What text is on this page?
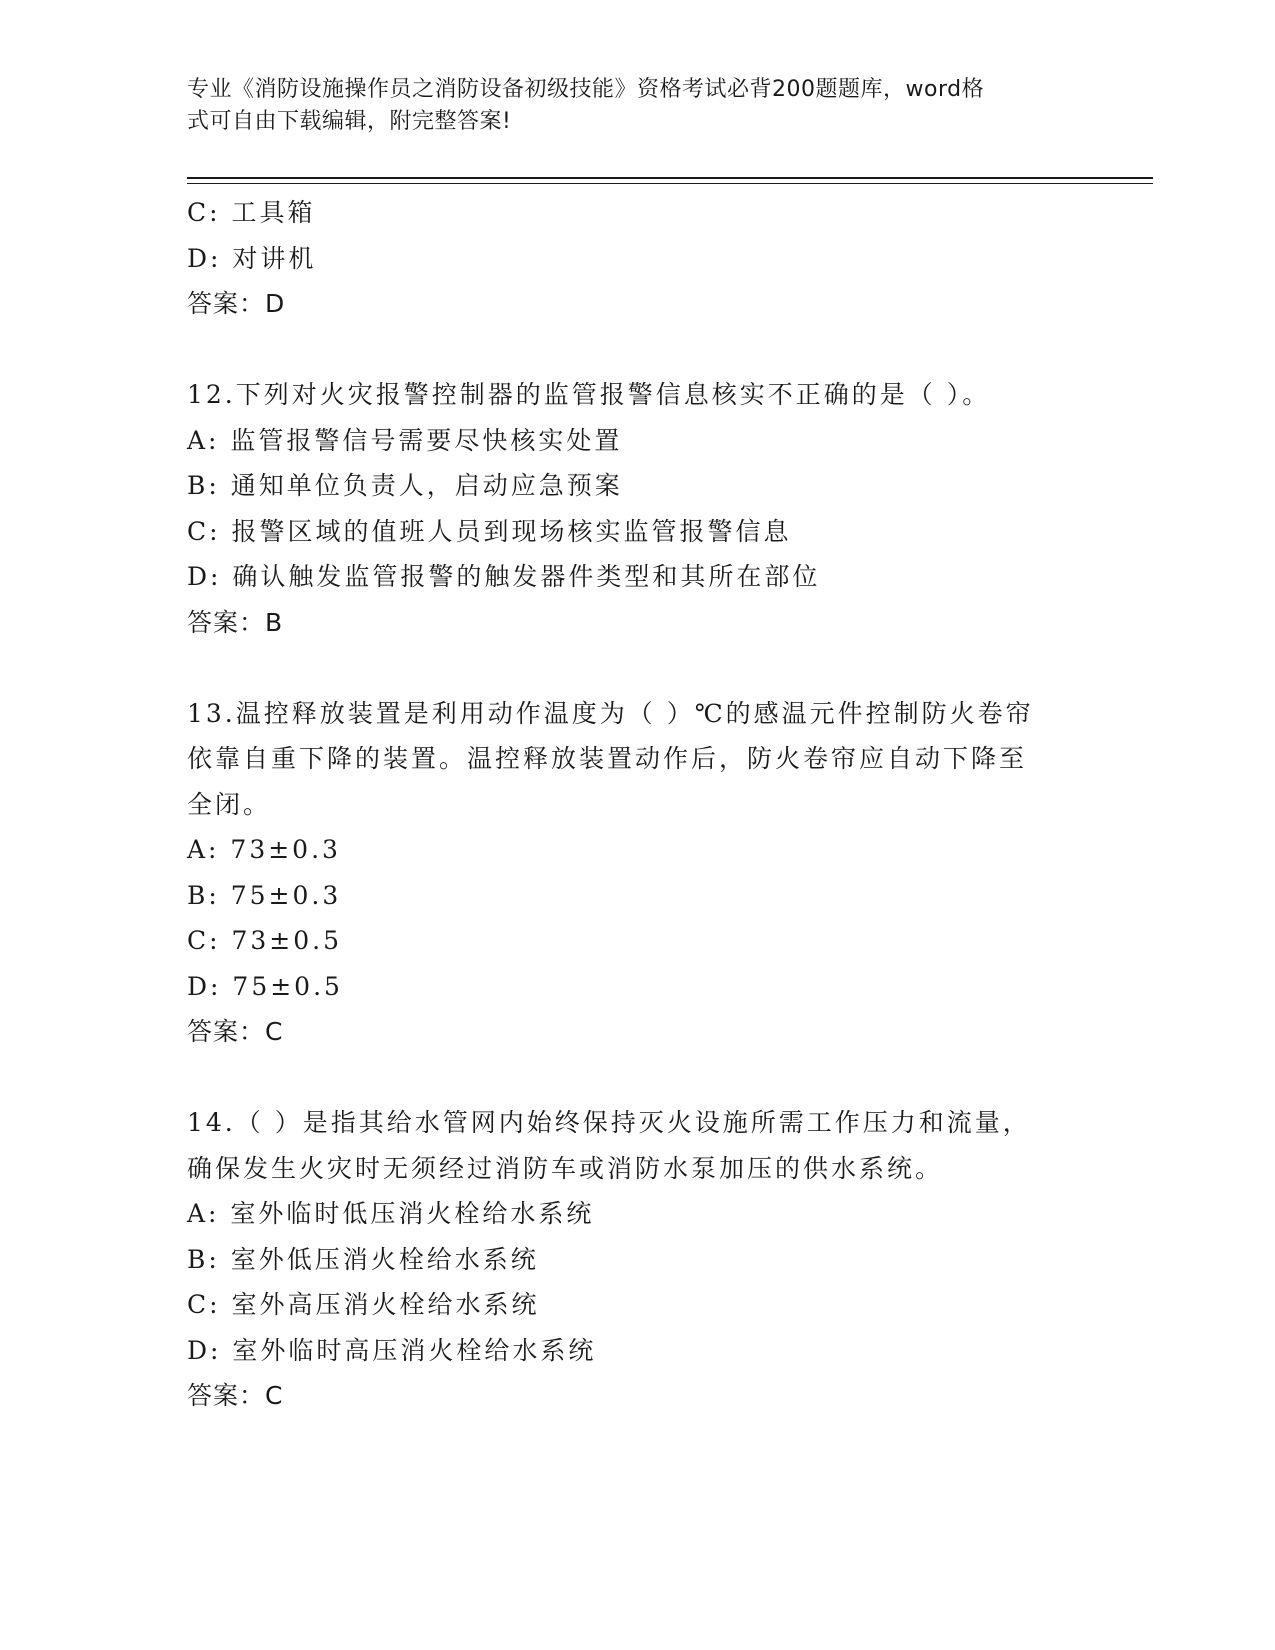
专业《消防设施操作员之消防设备初级技能》资格考试必背200题题库，word格
式可自由下载编辑，附完整答案!
C: 工具箱
D: 对讲机
答案：D
12.下列对火灾报警控制器的监管报警信息核实不正确的是（ ）。
A: 监管报警信号需要尽快核实处置
B: 通知单位负责人，启动应急预案
C: 报警区域的值班人员到现场核实监管报警信息
D: 确认触发监管报警的触发器件类型和其所在部位
答案：B
13.温控释放装置是利用动作温度为（ ）℃的感温元件控制防火卷帘
依靠自重下降的装置。温控释放装置动作后，防火卷帘应自动下降至
全闭。
A: 73±0.3
B: 75±0.3
C: 73±0.5
D: 75±0.5
答案：C
14.（ ）是指其给水管网内始终保持灭火设施所需工作压力和流量，
确保发生火灾时无须经过消防车或消防水泵加压的供水系统。
A: 室外临时低压消火栓给水系统
B: 室外低压消火栓给水系统
C: 室外高压消火栓给水系统
D: 室外临时高压消火栓给水系统
答案：C
